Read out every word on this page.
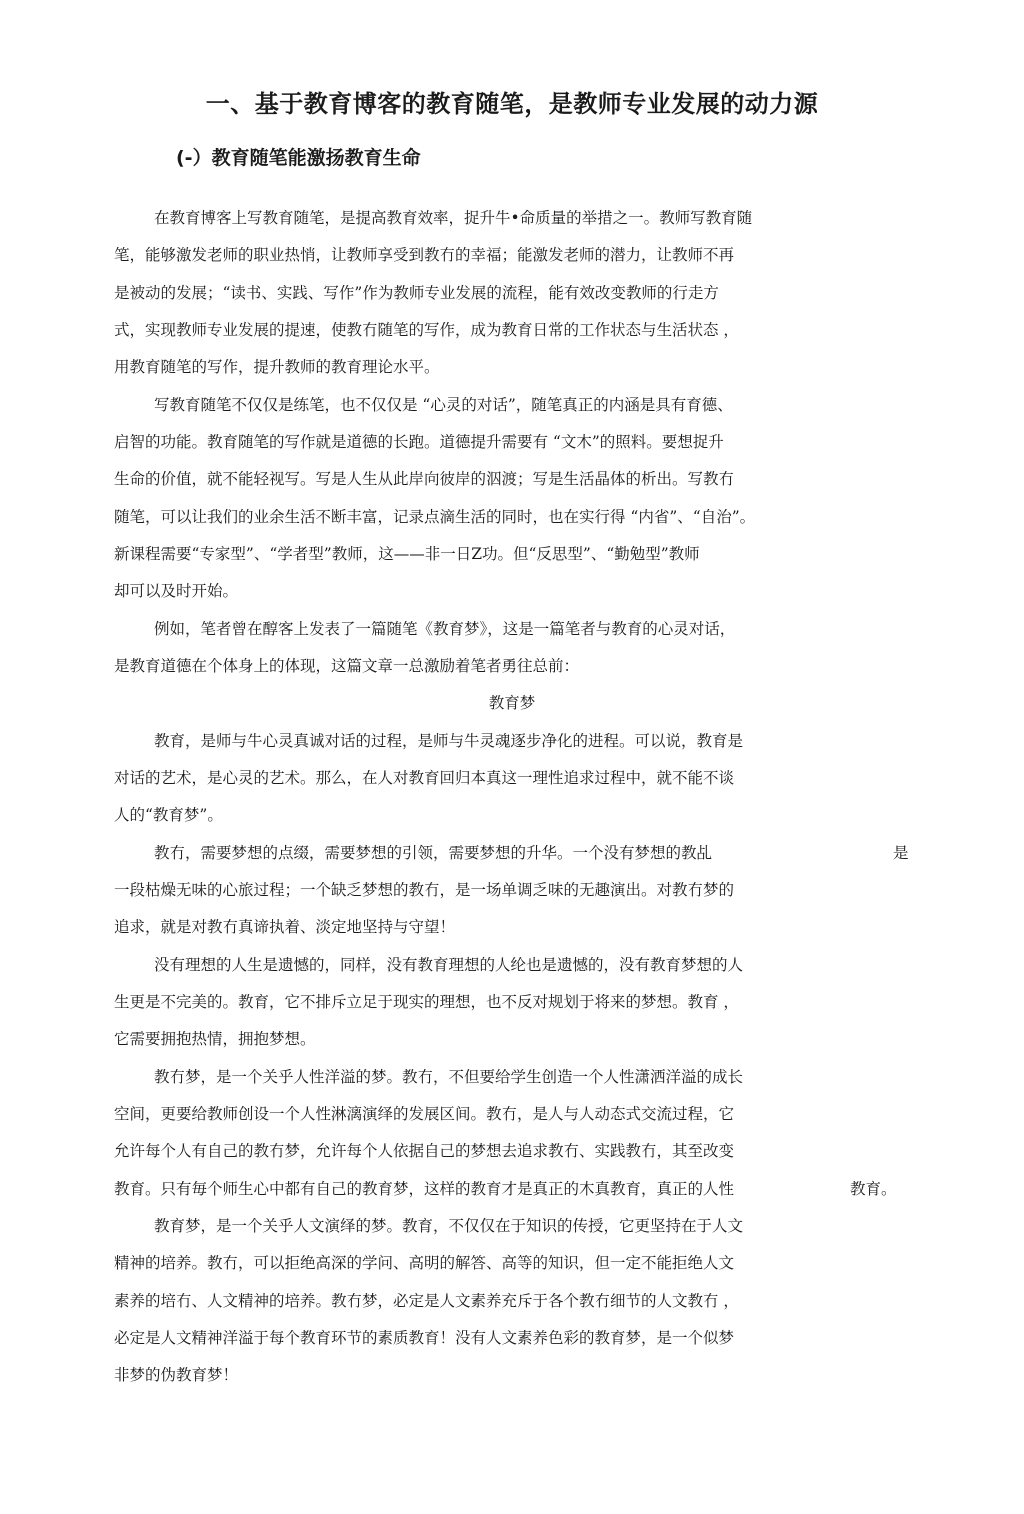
一、基于教育博客的教育随笔，是教师专业发展的动力源
(-）教育随笔能激扬教育生命
在教育博客上写教育随笔，是提高教育效率，捉升牛•命质量的举措之一。教师写教育随
笔，能够激发老师的职业热悄，让教师享受到教冇的幸福；能激发老师的潜力，让教师不再
是被动的发展；“读书、实践、写作”作为教师专业发展的流程，能有效改变教师的行走方
式，实现教师专业发展的提速，使教冇随笔的写作，成为教育日常的工作状态与生活状态 ，
用教育随笔的写作，提升教师的教育理论水平。
写教育随笔不仅仅是练笔，也不仅仅是 “心灵的对话”，随笔真正的内涵是具有育德、
启智的功能。教育随笔的写作就是道德的长跑。道德提升需要有 “文木”的照料。要想捉升
生命的价值，就不能轻视写。写是人生从此岸向彼岸的泅渡；写是生活晶体的析出。写教冇
随笔，可以让我们的业余生活不断丰富，记录点滴生活的同时，也在实行得 “内省”、“自治”。
新课程需要“专家型”、“学者型”教师，这——非一日Z功。但“反思型”、“勤勉型”教师
却可以及时开始。
例如，笔者曾在醇客上发表了一篇随笔《教育梦》，这是一篇笔者与教育的心灵对话，
是教育道德在个体身上的体现，这篇文章一总激励着笔者勇往总前：
教育梦
教育，是师与牛心灵真诚对话的过程，是师与牛灵魂逐步净化的进程。可以说，教育是
对话的艺术，是心灵的艺术。那么，在人对教育回归本真这一理性追求过程中，就不能不谈
人的“教育梦”。
教冇，需要梦想的点缀，需要梦想的引领，需要梦想的升华。一个没有梦想的教乩	是
一段枯燥无味的心旅过程；一个缺乏梦想的教冇，是一场单调乏味的无趣演出。对教冇梦的
追求，就是对教冇真谛执着、淡定地坚持与守望！
没有理想的人生是遗憾的，同样，没有教育理想的人纶也是遗憾的，没有教育梦想的人
生更是不完美的。教育，它不排斥立足于现实的理想，也不反对规划于将来的梦想。教育 ，
它需要拥抱热情，拥抱梦想。
教冇梦，是一个关乎人性洋溢的梦。教冇，不但要给学生创造一个人性潇洒洋溢的成长
空间，更要给教师创设一个人性淋漓演绎的发展区间。教冇，是人与人动态式交流过程，它
允许每个人有自己的教冇梦，允许每个人依据自己的梦想去追求教冇、实践教冇，其至改变
教育。只有毎个师生心中都有自己的教育梦，这样的教育才是真正的木真教育，真正的人性	教育。
教育梦，是一个关乎人文演绎的梦。教育，不仅仅在于知识的传授，它更坚持在于人文
精神的培养。教冇，可以拒绝高深的学问、高明的解答、高等的知识，但一定不能拒绝人文
素养的培冇、人文精神的培养。教冇梦，必定是人文素养充斥于各个教冇细节的人文教冇 ，
必定是人文精神洋溢于每个教育环节的素质教育！没有人文素养色彩的教育梦，是一个似梦
非梦的伪教育梦！
